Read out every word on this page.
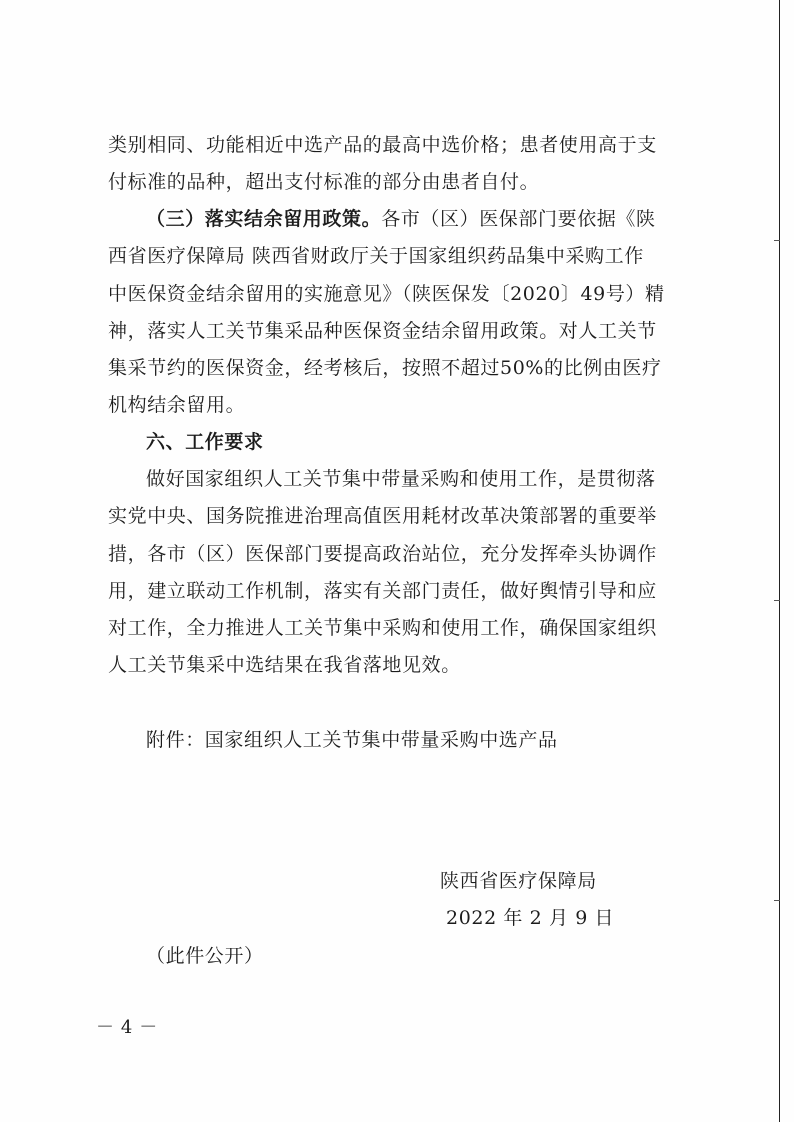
类别相同、功能相近中选产品的最高中选价格；患者使用高于支
付标准的品种，超出支付标准的部分由患者自付。
（三）落实结余留用政策。各市（区）医保部门要依据《陕
西省医疗保障局 陕西省财政厅关于国家组织药品集中采购工作
中医保资金结余留用的实施意见》（陕医保发〔2020〕49号）精
神，落实人工关节集采品种医保资金结余留用政策。对人工关节
集采节约的医保资金，经考核后，按照不超过50%的比例由医疗
机构结余留用。
六、工作要求
做好国家组织人工关节集中带量采购和使用工作，是贯彻落
实党中央、国务院推进治理高值医用耗材改革决策部署的重要举
措，各市（区）医保部门要提高政治站位，充分发挥牵头协调作
用，建立联动工作机制，落实有关部门责任，做好舆情引导和应
对工作，全力推进人工关节集中采购和使用工作，确保国家组织
人工关节集采中选结果在我省落地见效。
附件：国家组织人工关节集中带量采购中选产品
陕西省医疗保障局
2022 年 2 月 9 日
（此件公开）
－ 4 －
